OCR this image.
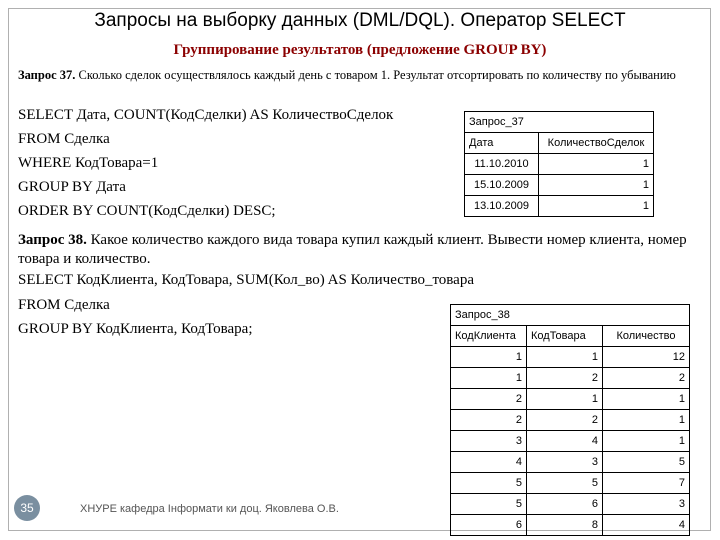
Запросы на выборку данных (DML/DQL). Оператор SELECT
Группирование результатов (предложение GROUP BY)
Запрос 37. Сколько сделок осуществлялось каждый день с товаром 1. Результат отсортировать по количеству по убыванию
SELECT Дата, COUNT(КодСделки) AS КоличествоСделок
FROM Сделка
WHERE КодТовара=1
GROUP BY Дата
ORDER BY COUNT(КодСделки) DESC;
Запрос_37	
Дата	КоличествоСделок
11.10.2010	1
15.10.2009	1
13.10.2009	1
Запрос 38. Какое количество каждого вида товара купил каждый клиент. Вывести номер клиента, номер товара и количество.
SELECT КодКлиента, КодТовара, SUM(Кол_во) AS Количество_товара
FROM Сделка
GROUP BY КодКлиента, КодТовара;
Запрос_38		
КодКлиента	КодТовара	Количество
1	1	12
1	2	2
2	1	1
2	2	1
3	4	1
4	3	5
5	5	7
5	6	3
6	8	4
35	ХНУРЕ кафедра Інформати ки доц. Яковлева О.В.
